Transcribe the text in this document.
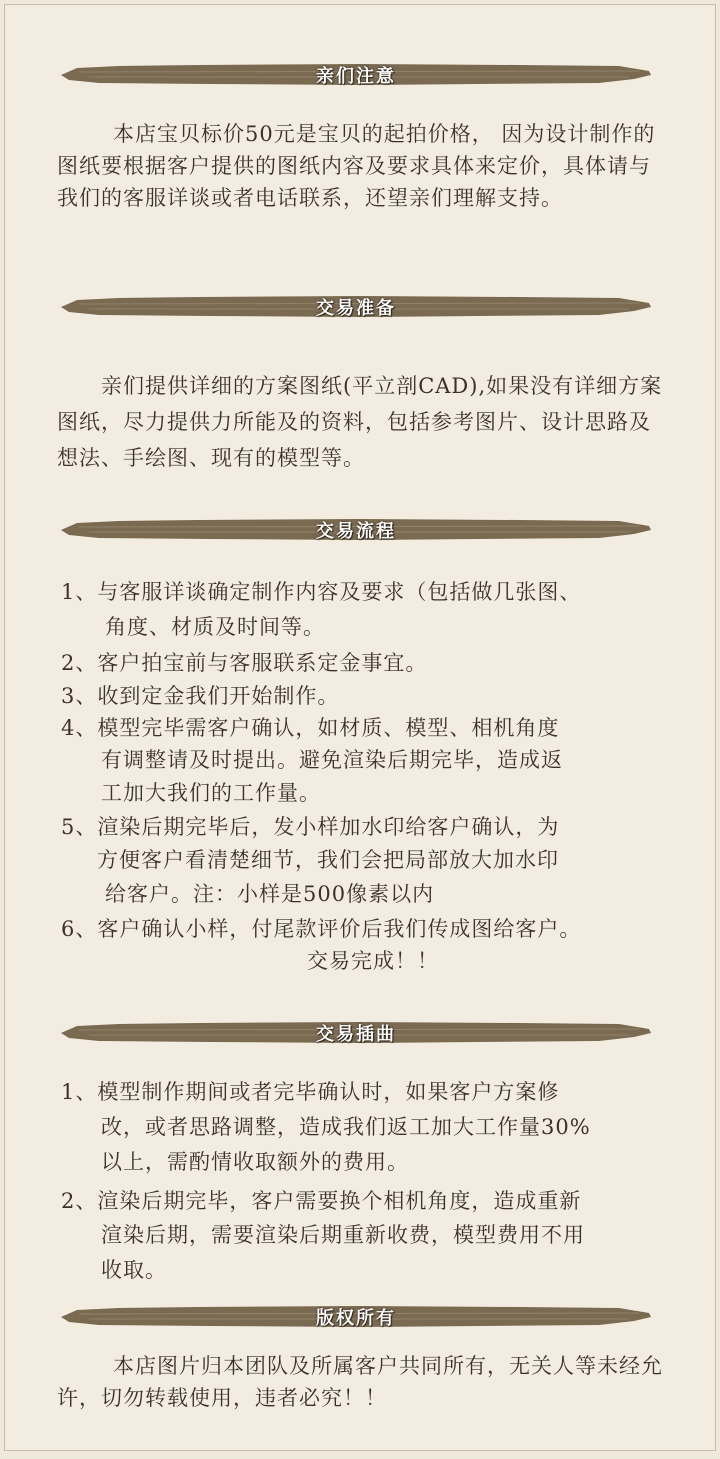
亲们注意
本店宝贝标价50元是宝贝的起拍价格， 因为设计制作的图纸要根据客户提供的图纸内容及要求具体来定价，具体请与我们的客服详谈或者电话联系，还望亲们理解支持。
交易准备
亲们提供详细的方案图纸(平立剖CAD),如果没有详细方案图纸，尽力提供力所能及的资料，包括参考图片、设计思路及想法、手绘图、现有的模型等。
交易流程
1、与客服详谈确定制作内容及要求（包括做几张图、
角度、材质及时间等。
2、客户拍宝前与客服联系定金事宜。
3、收到定金我们开始制作。
4、模型完毕需客户确认，如材质、模型、相机角度
有调整请及时提出。避免渲染后期完毕，造成返
工加大我们的工作量。
5、渲染后期完毕后，发小样加水印给客户确认，为
方便客户看清楚细节，我们会把局部放大加水印
给客户。注：小样是500像素以内
6、客户确认小样，付尾款评价后我们传成图给客户。
交易完成！！
交易插曲
1、模型制作期间或者完毕确认时，如果客户方案修
改，或者思路调整，造成我们返工加大工作量30%
以上，需酌情收取额外的费用。
2、渲染后期完毕，客户需要换个相机角度，造成重新
渲染后期，需要渲染后期重新收费，模型费用不用
收取。
版权所有
本店图片归本团队及所属客户共同所有，无关人等未经允许，切勿转载使用，违者必究！！
